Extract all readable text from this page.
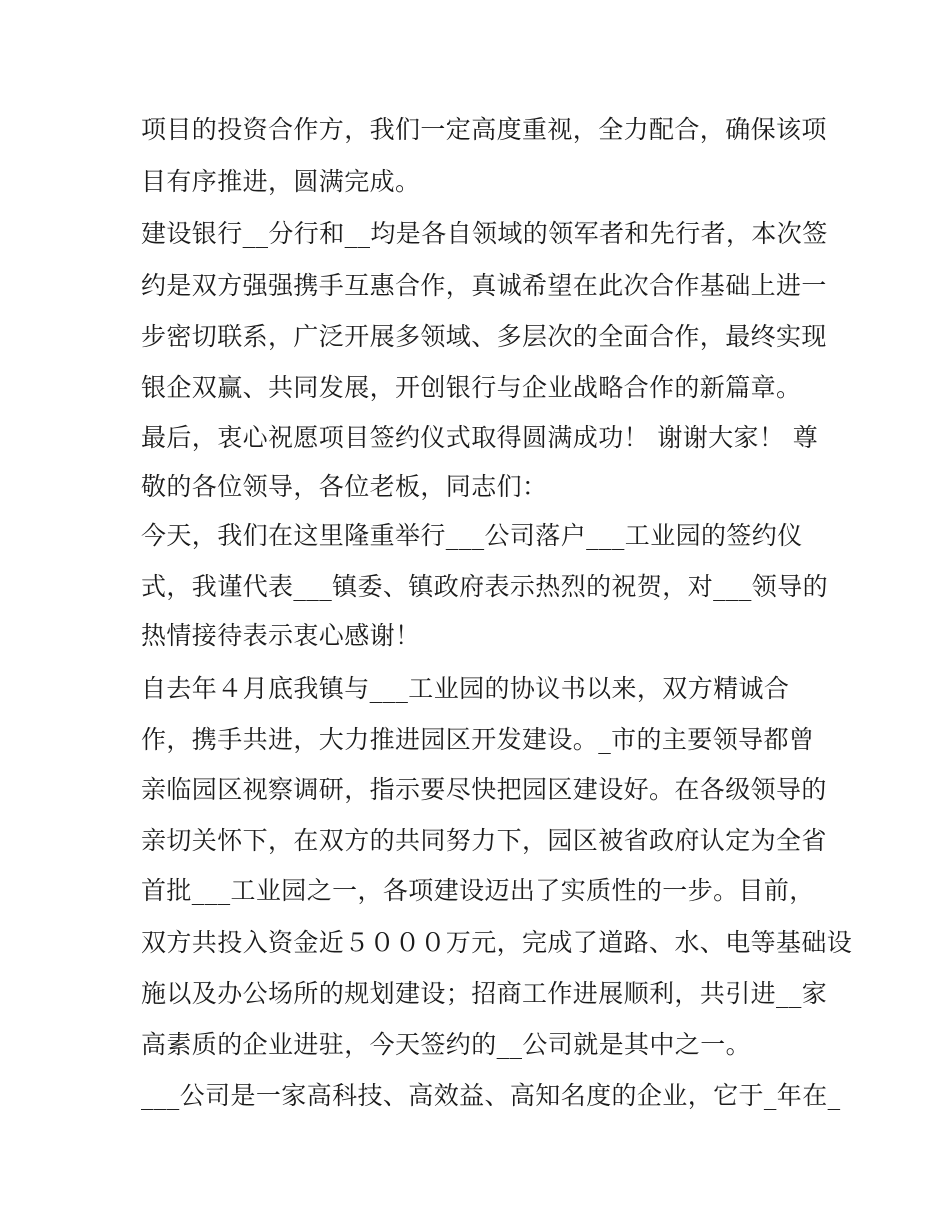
项目的投资合作方，我们一定高度重视，全力配合，确保该项
目有序推进，圆满完成。
建设银行__分行和__均是各自领域的领军者和先行者，本次签
约是双方强强携手互惠合作，真诚希望在此次合作基础上进一
步密切联系，广泛开展多领域、多层次的全面合作，最终实现
银企双赢、共同发展，开创银行与企业战略合作的新篇章。
最后，衷心祝愿项目签约仪式取得圆满成功！ 谢谢大家！ 尊
敬的各位领导，各位老板，同志们：
今天，我们在这里隆重举行___公司落户___工业园的签约仪
式，我谨代表___镇委、镇政府表示热烈的祝贺，对___领导的
热情接待表示衷心感谢！
自去年４月底我镇与___工业园的协议书以来，双方精诚合
作，携手共进，大力推进园区开发建设。_市的主要领导都曾
亲临园区视察调研，指示要尽快把园区建设好。在各级领导的
亲切关怀下，在双方的共同努力下，园区被省政府认定为全省
首批___工业园之一，各项建设迈出了实质性的一步。目前，
双方共投入资金近５０００万元，完成了道路、水、电等基础设
施以及办公场所的规划建设；招商工作进展顺利，共引进__家
高素质的企业进驻，今天签约的__公司就是其中之一。
___公司是一家高科技、高效益、高知名度的企业，它于_年在_
